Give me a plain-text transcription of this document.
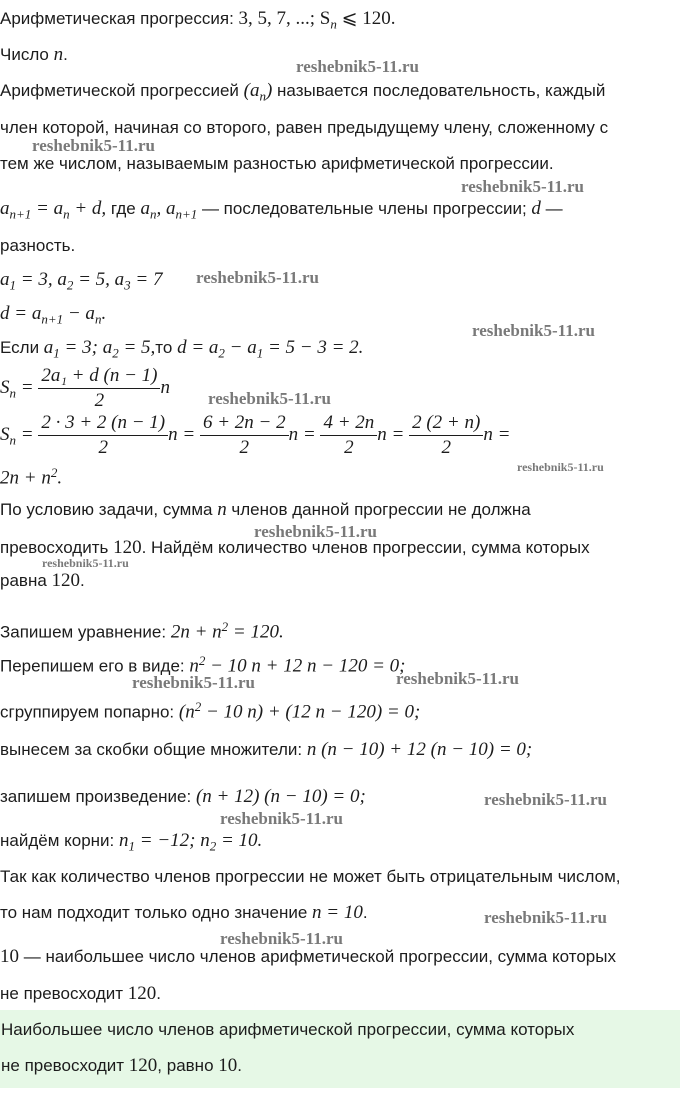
Арифметическая прогрессия: 3, 5, 7, ...; $S_n$ ⩽ 120.
Число n.
Арифметической прогрессией $(a_n)$ называется последовательность, каждый
член которой, начиная со второго, равен предыдущему члену, сложенному с
тем же числом, называемым разностью арифметической прогрессии.
$a_{n+1} = a_n + d$, где $a_n$, $a_{n+1}$ — последовательные члены прогрессии; d —
разность.
$a_1 = 3$, $a_2 = 5$, $a_3 = 7$
$d = a_{n+1} - a_n$.
Если $a_1 = 3$; $a_2 = 5,то$ $d = a_2 - a_1 = 5 - 3 = 2$.
$S_n = \frac{\text{2a₁ + d (n − 1)}}{2}$ n
$S_n = \frac{2 \cdot 3 + 2 (n - 1)}{2}$ $n = \frac{6 + 2n - 2}{2}$ $n = \frac{4 + 2n}{2}$ $n = \frac{2 (2 + n)}{2}$ n =
$2n + n^2$.
По условию задачи, сумма n членов данной прогрессии не должна
превосходить 120. Найдём количество членов прогрессии, сумма которых
равна 120.
Запишем уравнение: $2n + n^2 = 120$.
Перепишем его в виде: $n^2 - 10$ n + 12 n − 120 = 0;
сгруппируем попарно: ($n^2 - 10$ n) + (12 n − 120) = 0;
вынесем за скобки общие множители: n (n − 10) + 12 (n − 10) = 0;
запишем произведение: (n + 12) (n − 10) = 0;
найдём корни: $n_1 = -12$; $n_2 = 10$.
Так как количество членов прогрессии не может быть отрицательным числом,
то нам подходит только одно значение n = 10.
10 — наибольшее число членов арифметической прогрессии, сумма которых
не превосходит 120.
Наибольшее число членов арифметической прогрессии, сумма которых
не превосходит 120, равно 10.
reshebnik5-11.ru
reshebnik5-11.ru
reshebnik5-11.ru
reshebnik5-11.ru
reshebnik5-11.ru
reshebnik5-11.ru
reshebnik5-11.ru
reshebnik5-11.ru
reshebnik5-11.ru
reshebnik5-11.ru	reshebnik5-11.ru
reshebnik5-11.ru
reshebnik5-11.ru
reshebnik5-11.ru
reshebnik5-11.ru
